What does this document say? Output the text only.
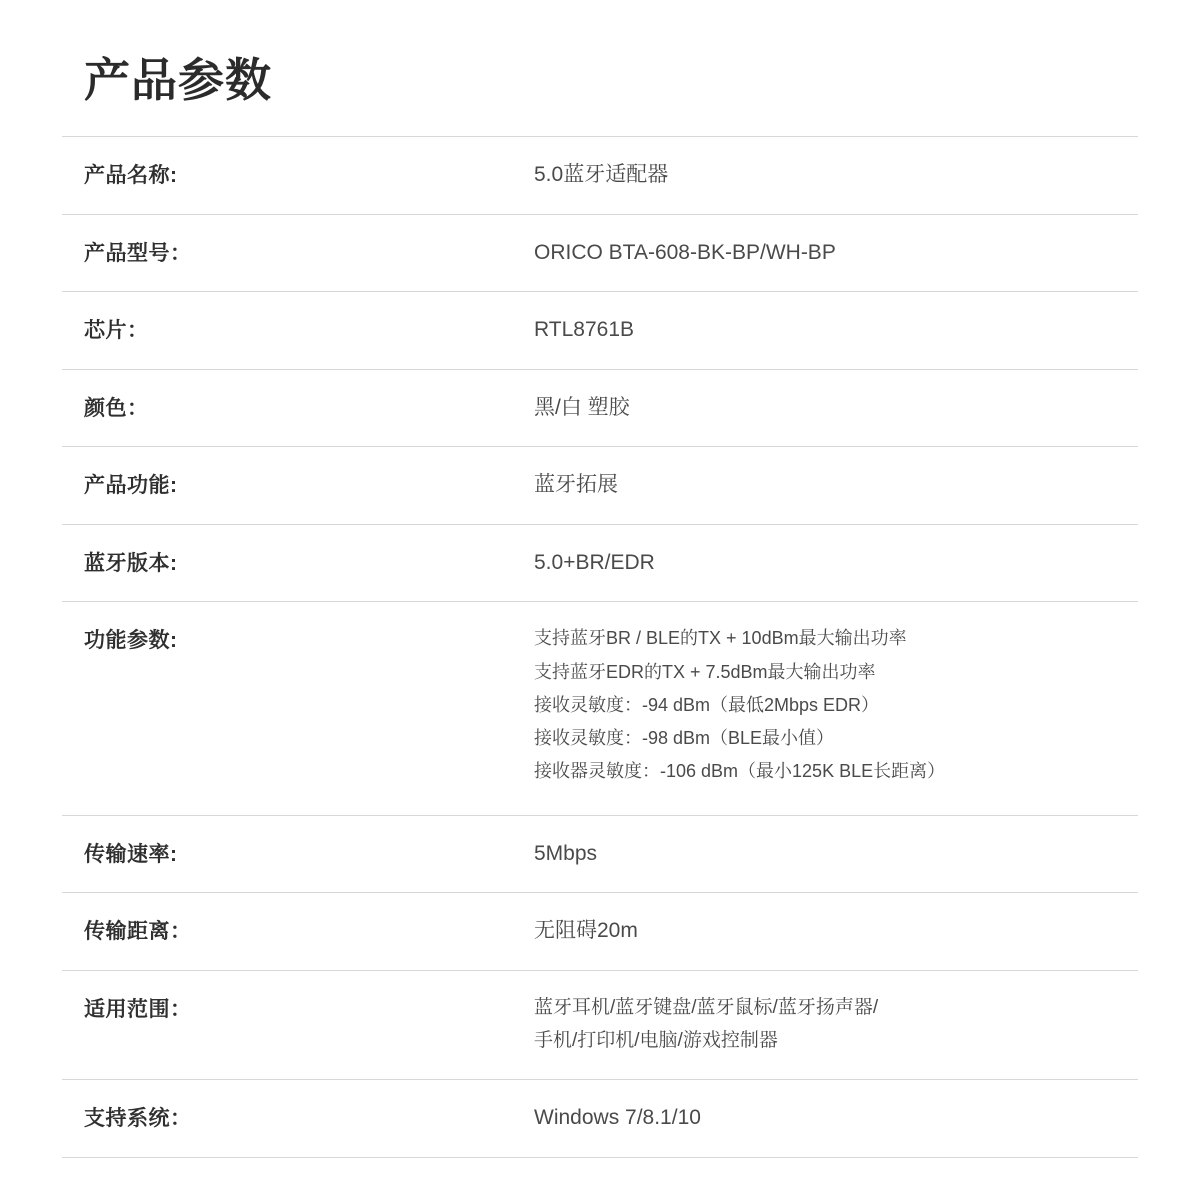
产品参数
产品名称:	5.0蓝牙适配器

产品型号：	ORICO BTA-608-BK-BP/WH-BP

芯片：	RTL8761B

颜色：	黑/白 塑胶

产品功能:	蓝牙拓展

蓝牙版本:	5.0+BR/EDR

功能参数:	支持蓝牙BR / BLE的TX + 10dBm最大输出功率
支持蓝牙EDR的TX + 7.5dBm最大输出功率
接收灵敏度：-94 dBm（最低2Mbps EDR）
接收灵敏度：-98 dBm（BLE最小值）
接收器灵敏度：-106 dBm（最小125K BLE长距离）

传输速率:	5Mbps

传输距离：	无阻碍20m

适用范围：	蓝牙耳机/蓝牙键盘/蓝牙鼠标/蓝牙扬声器/
手机/打印机/电脑/游戏控制器

支持系统：	Windows 7/8.1/10
